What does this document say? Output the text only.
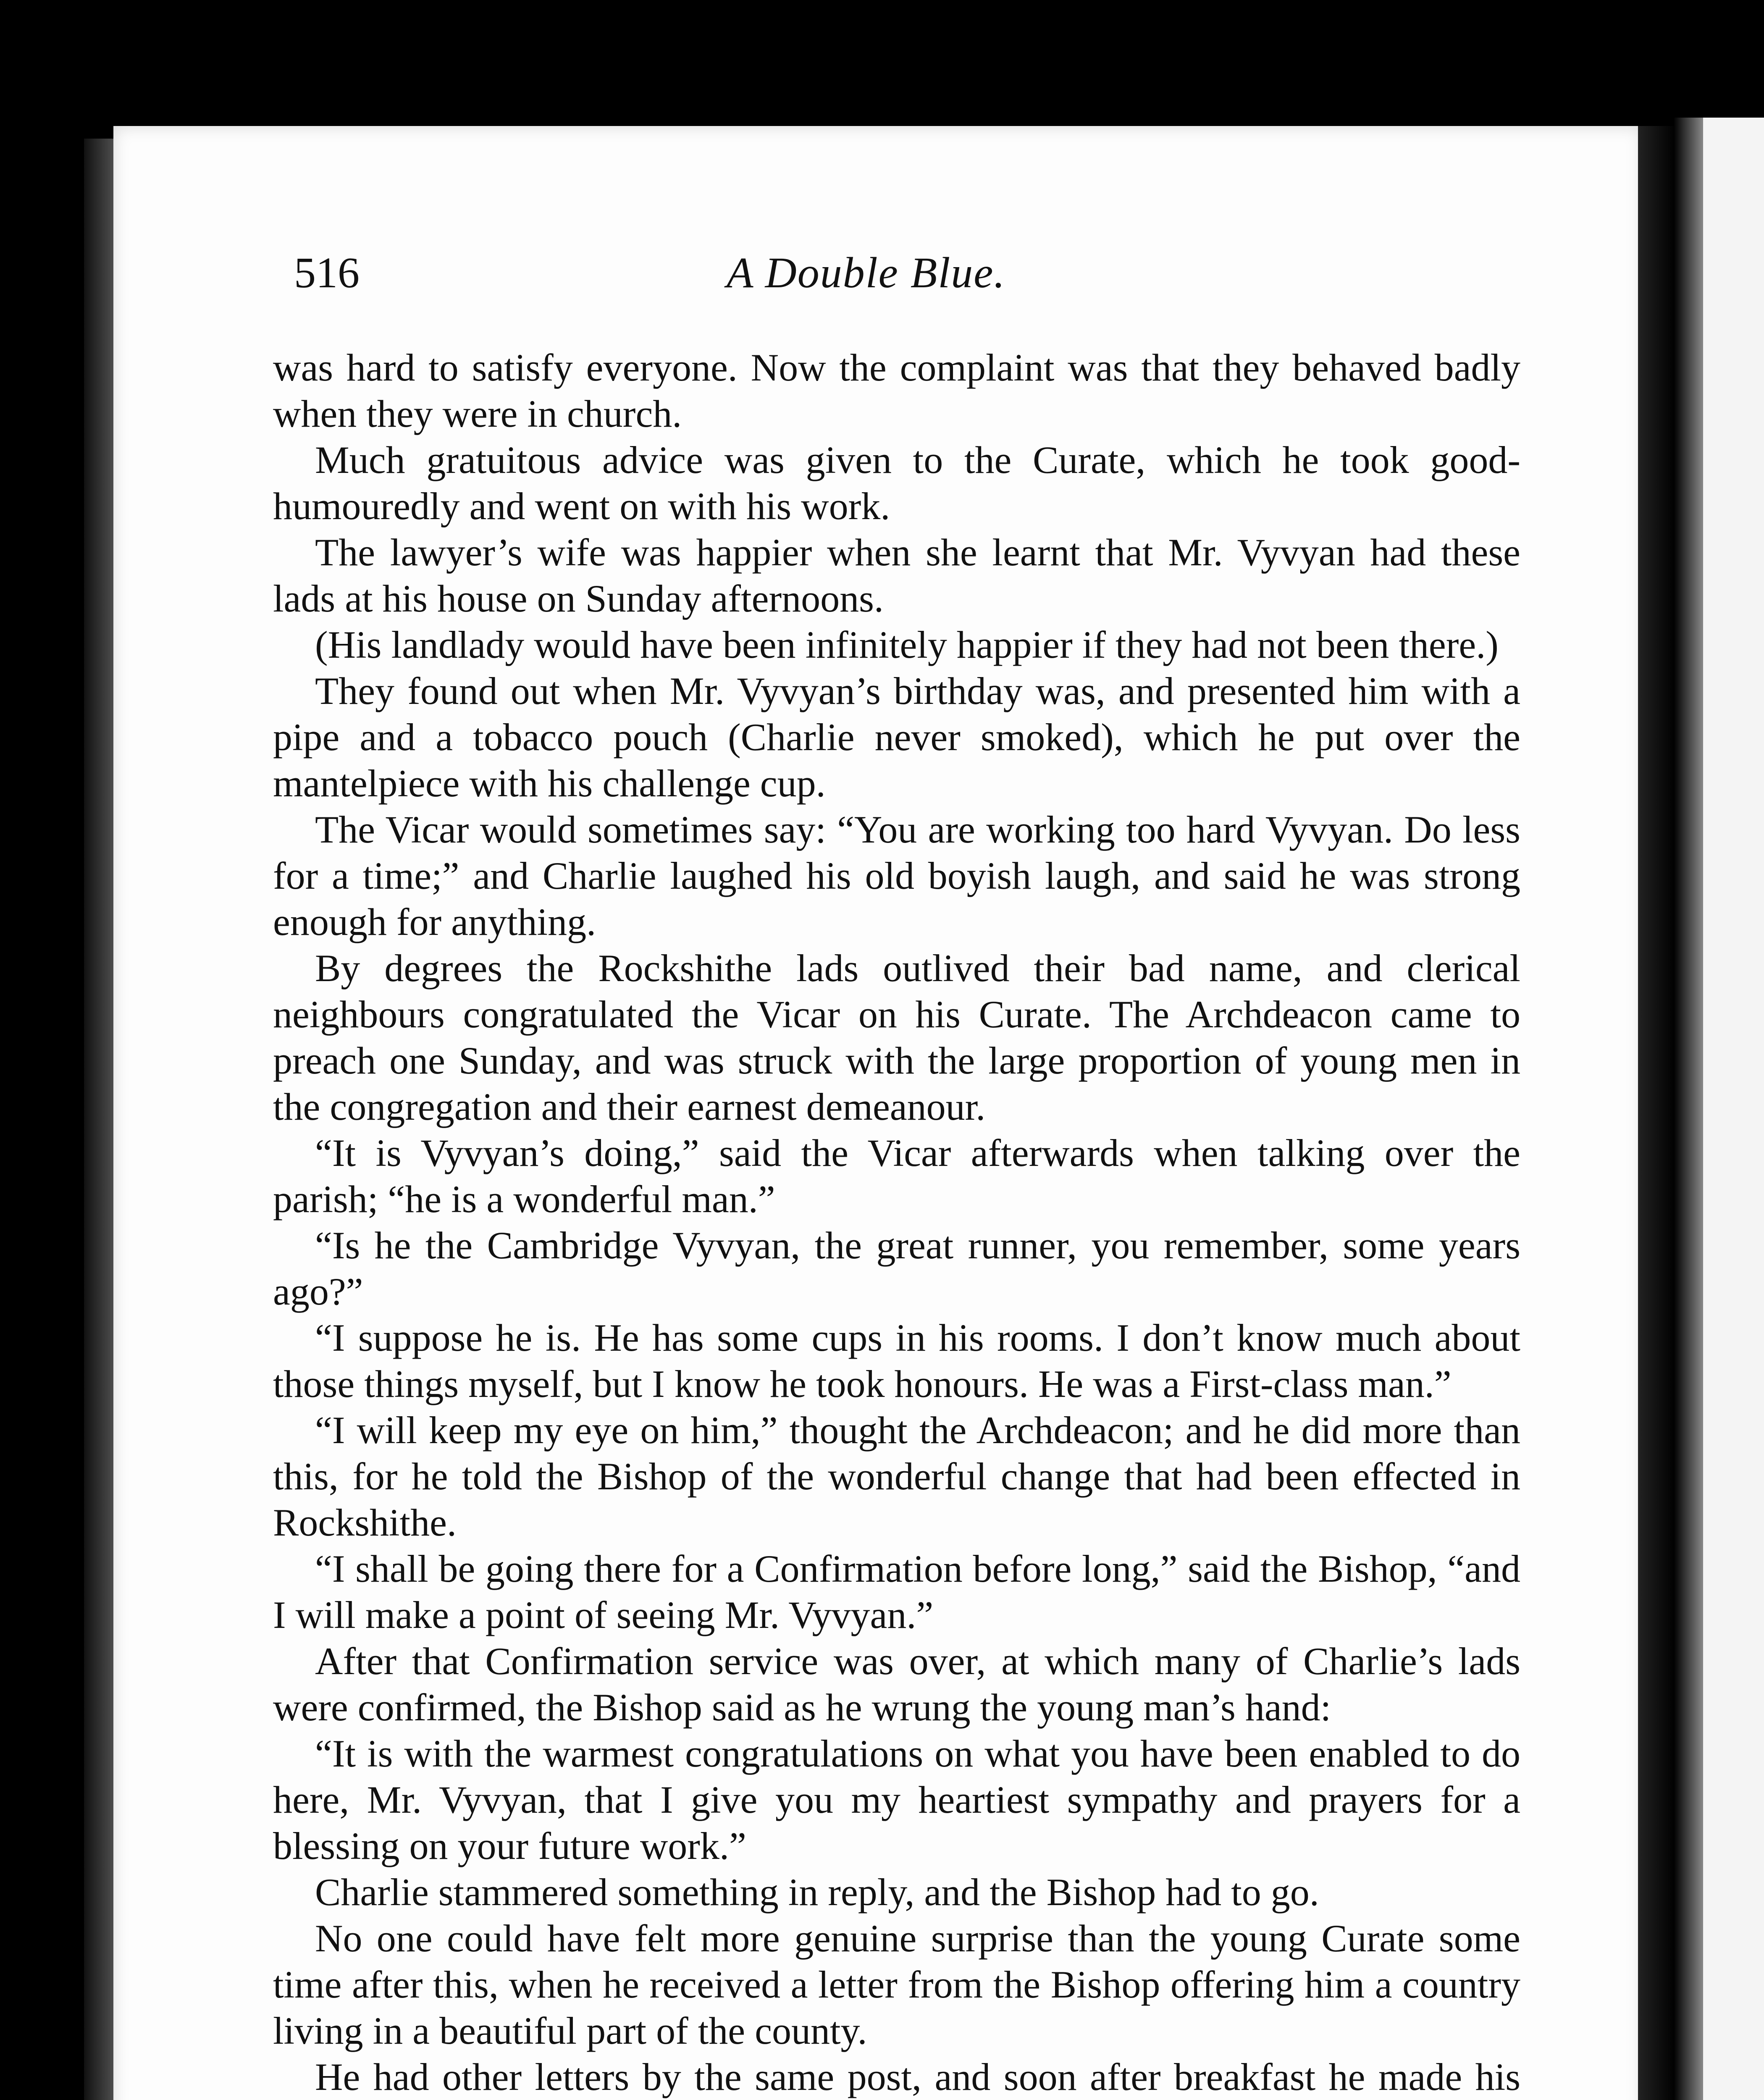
516	A Double Blue.

was hard to satisfy everyone. Now the complaint was that they behaved badly when they were in church.

Much gratuitous advice was given to the Curate, which he took good-humouredly and went on with his work.

The lawyer’s wife was happier when she learnt that Mr. Vyvyan had these lads at his house on Sunday afternoons.

(His landlady would have been infinitely happier if they had not been there.)

They found out when Mr. Vyvyan’s birthday was, and presented him with a pipe and a tobacco pouch (Charlie never smoked), which he put over the mantelpiece with his challenge cup.

The Vicar would sometimes say: “You are working too hard Vyvyan. Do less for a time;” and Charlie laughed his old boyish laugh, and said he was strong enough for anything.

By degrees the Rockshithe lads outlived their bad name, and clerical neighbours congratulated the Vicar on his Curate. The Archdeacon came to preach one Sunday, and was struck with the large proportion of young men in the congregation and their earnest demeanour.

“It is Vyvyan’s doing,” said the Vicar afterwards when talking over the parish; “he is a wonderful man.”

“Is he the Cambridge Vyvyan, the great runner, you remember, some years ago?”

“I suppose he is. He has some cups in his rooms. I don’t know much about those things myself, but I know he took honours. He was a First-class man.”

“I will keep my eye on him,” thought the Archdeacon; and he did more than this, for he told the Bishop of the wonderful change that had been effected in Rockshithe.

“I shall be going there for a Confirmation before long,” said the Bishop, “and I will make a point of seeing Mr. Vyvyan.”

After that Confirmation service was over, at which many of Charlie’s lads were confirmed, the Bishop said as he wrung the young man’s hand:

“It is with the warmest congratulations on what you have been enabled to do here, Mr. Vyvyan, that I give you my heartiest sympathy and prayers for a blessing on your future work.”

Charlie stammered something in reply, and the Bishop had to go.

No one could have felt more genuine surprise than the young Curate some time after this, when he received a letter from the Bishop offering him a country living in a beautiful part of the county.

He had other letters by the same post, and soon after breakfast he made his
